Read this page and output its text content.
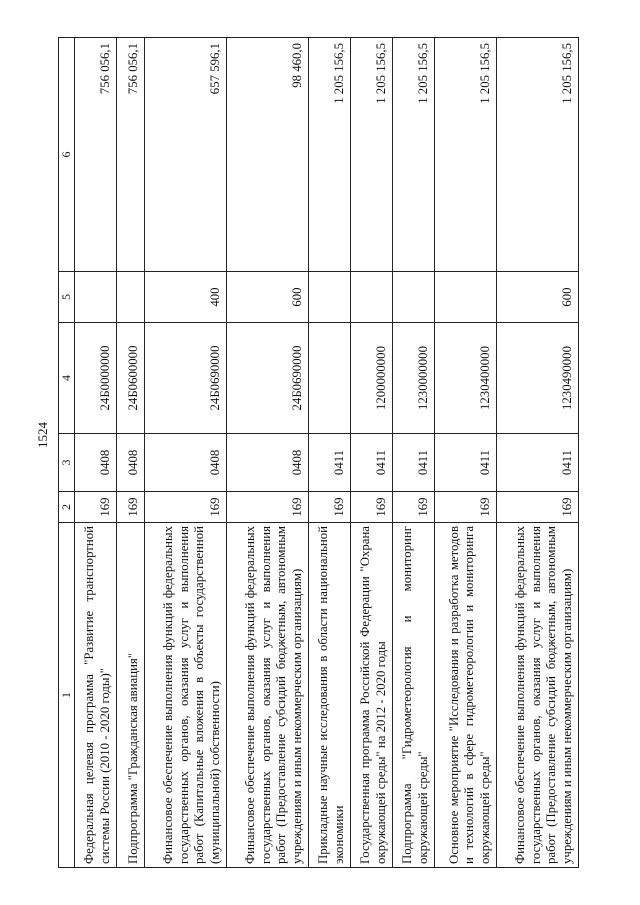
1524
1	2	3	4	5	6
Федеральная целевая программа "Развитие транспортной системы России (2010 - 2020 годы)"	169	0408	24Б0000000		756 056,1
Подпрограмма "Гражданская авиация"	169	0408	24Б0600000		756 056,1
Финансовое обеспечение выполнения функций федеральных государственных органов, оказания услуг и выполнения работ (Капитальные вложения в объекты государственной (муниципальной) собственности)	169	0408	24Б0690000	400	657 596,1
Финансовое обеспечение выполнения функций федеральных государственных органов, оказания услуг и выполнения работ (Предоставление субсидий бюджетным, автономным учреждениям и иным некоммерческим организациям)	169	0408	24Б0690000	600	98 460,0
Прикладные научные исследования в области национальной экономики	169	0411			1 205 156,5
Государственная программа Российской Федерации "Охрана окружающей среды" на 2012 - 2020 годы	169	0411	1200000000		1 205 156,5
Подпрограмма "Гидрометеорология и мониторинг окружающей среды"	169	0411	1230000000		1 205 156,5
Основное мероприятие "Исследования и разработка методов и технологий в сфере гидрометеорологии и мониторинга окружающей среды"	169	0411	1230400000		1 205 156,5
Финансовое обеспечение выполнения функций федеральных государственных органов, оказания услуг и выполнения работ (Предоставление субсидий бюджетным, автономным учреждениям и иным некоммерческим организациям)	169	0411	1230490000	600	1 205 156,5
